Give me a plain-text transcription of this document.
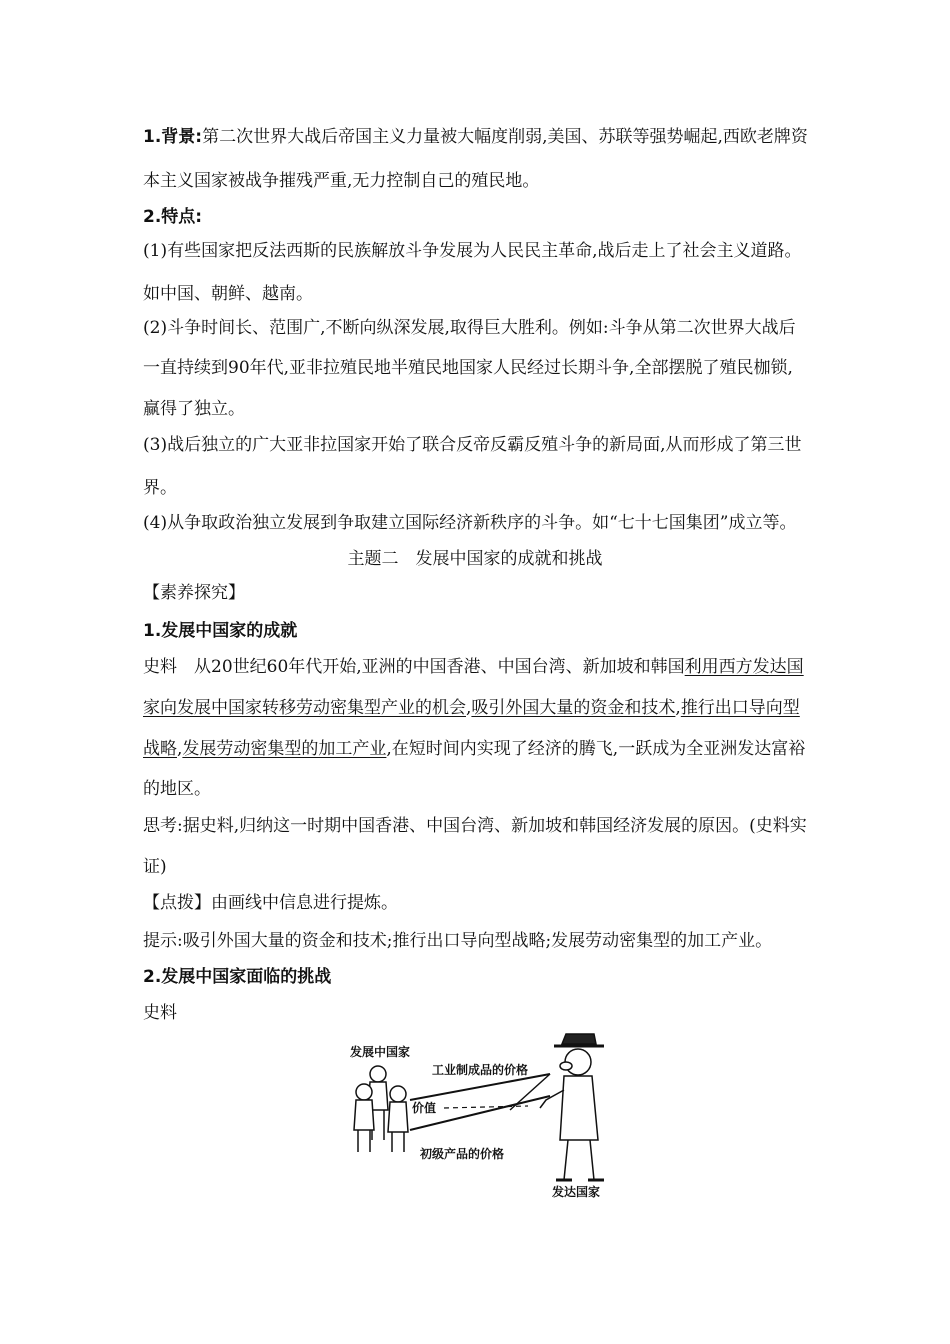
1.背景:第二次世界大战后帝国主义力量被大幅度削弱,美国、苏联等强势崛起,西欧老牌资
本主义国家被战争摧残严重,无力控制自己的殖民地。
2.特点:
(1)有些国家把反法西斯的民族解放斗争发展为人民民主革命,战后走上了社会主义道路。
如中国、朝鲜、越南。
(2)斗争时间长、范围广,不断向纵深发展,取得巨大胜利。例如:斗争从第二次世界大战后
一直持续到90年代,亚非拉殖民地半殖民地国家人民经过长期斗争,全部摆脱了殖民枷锁,
赢得了独立。
(3)战后独立的广大亚非拉国家开始了联合反帝反霸反殖斗争的新局面,从而形成了第三世
界。
(4)从争取政治独立发展到争取建立国际经济新秩序的斗争。如“七十七国集团”成立等。
主题二　发展中国家的成就和挑战
【素养探究】
1.发展中国家的成就
史料　从20世纪60年代开始,亚洲的中国香港、中国台湾、新加坡和韩国利用西方发达国
家向发展中国家转移劳动密集型产业的机会,吸引外国大量的资金和技术,推行出口导向型
战略,发展劳动密集型的加工产业,在短时间内实现了经济的腾飞,一跃成为全亚洲发达富裕
的地区。
思考:据史料,归纳这一时期中国香港、中国台湾、新加坡和韩国经济发展的原因。(史料实
证)
【点拨】由画线中信息进行提炼。
提示:吸引外国大量的资金和技术;推行出口导向型战略;发展劳动密集型的加工产业。
2.发展中国家面临的挑战
史料
发展中国家
工业制成品的价格
价值
初级产品的价格
发达国家
